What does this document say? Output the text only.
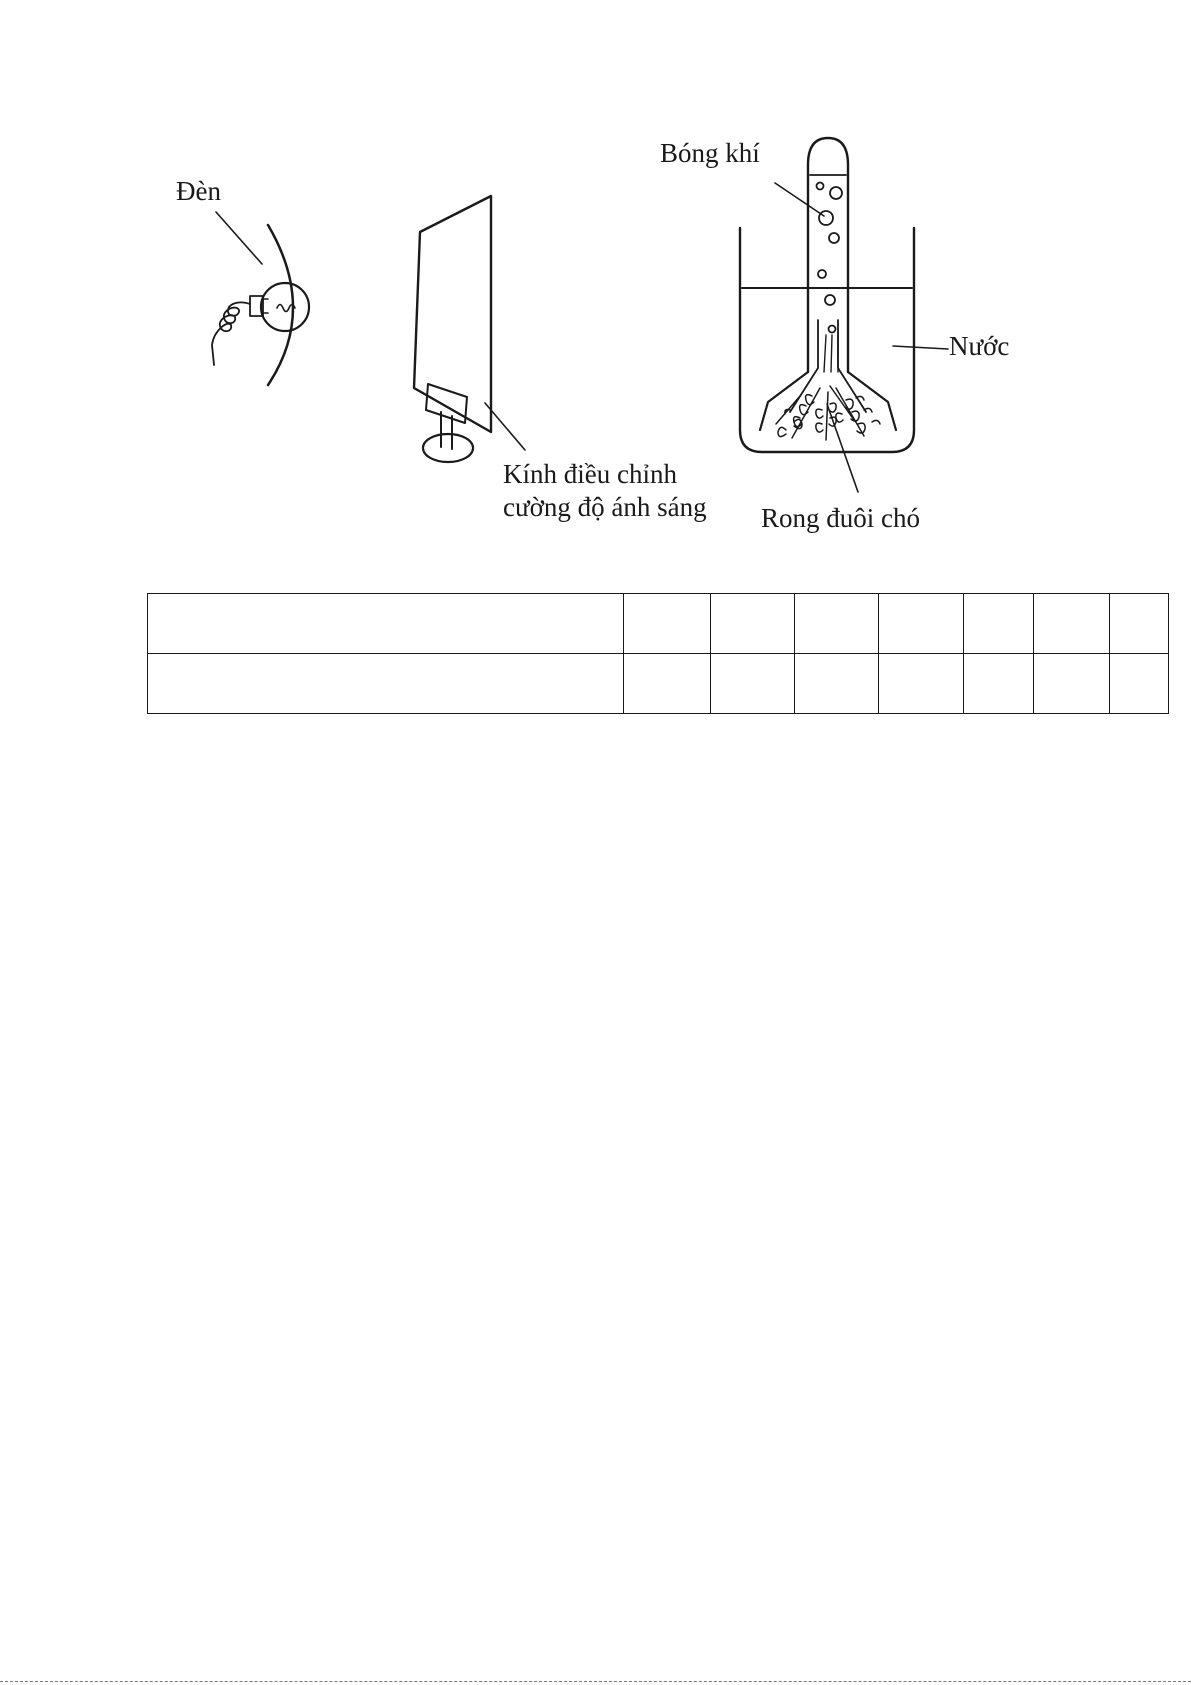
Đèn
Bóng khí
Nước
Kính điều chỉnh
cường độ ánh sáng Rong đuôi chó
